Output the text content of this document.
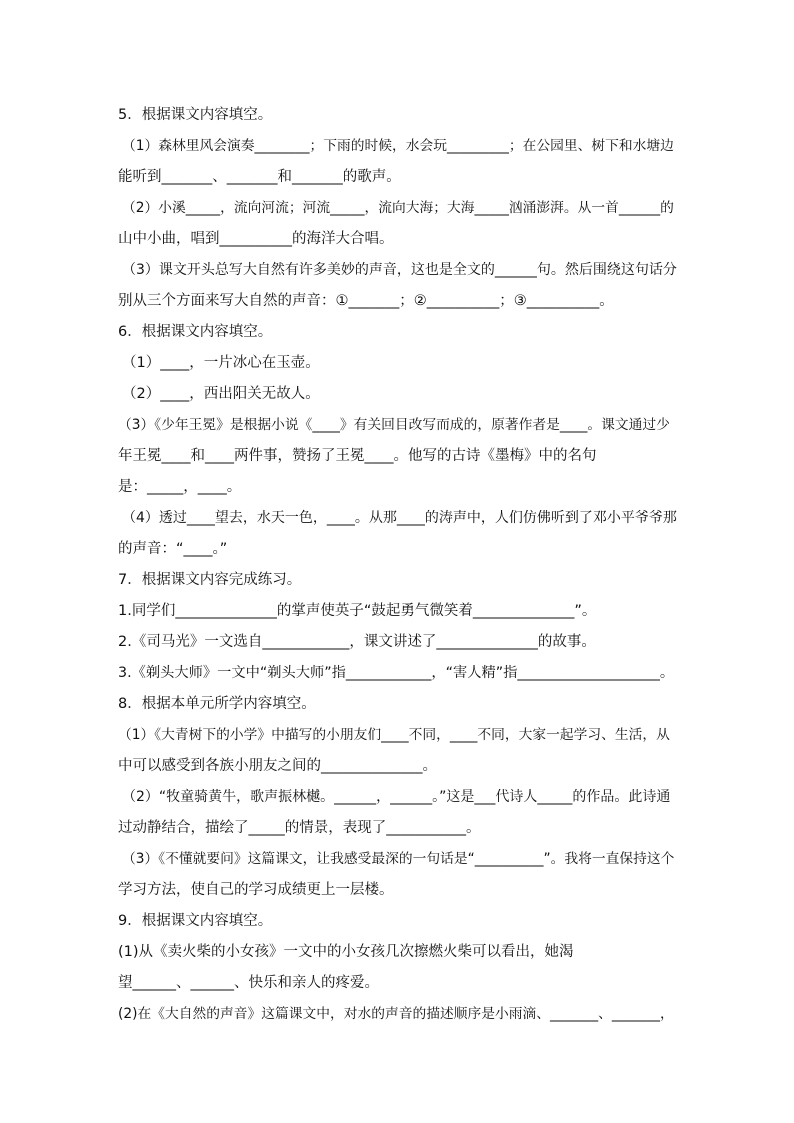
5．根据课文内容填空。
（1）森林里风会演奏________；下雨的时候，水会玩_________；在公园里、树下和水塘边
能听到_______、_______和_______的歌声。
（2）小溪_____，流向河流；河流_____，流向大海；大海_____汹涌澎湃。从一首______的
山中小曲，唱到__________的海洋大合唱。
（3）课文开头总写大自然有许多美妙的声音，这也是全文的______句。然后围绕这句话分
别从三个方面来写大自然的声音：①_______；②__________；③__________。
6．根据课文内容填空。
（1）____，一片冰心在玉壶。
（2）____，西出阳关无故人。
（3）《少年王冕》是根据小说《____》有关回目改写而成的，原著作者是____。课文通过少
年王冕____和____两件事，赞扬了王冕____。他写的古诗《墨梅》中的名句
是：_____，____。
（4）透过____望去，水天一色，____。从那____的涛声中，人们仿佛听到了邓小平爷爷那
的声音：“____。”
7．根据课文内容完成练习。
1.同学们______________的掌声使英子“鼓起勇气微笑着______________”。
2.《司马光》一文选自____________，课文讲述了______________的故事。
3.《剃头大师》一文中“剃头大师”指____________，“害人精”指____________________。
8．根据本单元所学内容填空。
（1）《大青树下的小学》中描写的小朋友们____不同，____不同，大家一起学习、生活，从
中可以感受到各族小朋友之间的______________。
（2）“牧童骑黄牛，歌声振林樾。______，______。”这是___代诗人_____的作品。此诗通
过动静结合，描绘了_____的情景，表现了___________。
（3）《不懂就要问》这篇课文，让我感受最深的一句话是“__________”。我将一直保持这个
学习方法，使自己的学习成绩更上一层楼。
9．根据课文内容填空。
(1)从《卖火柴的小女孩》一文中的小女孩几次擦燃火柴可以看出，她渴
望______、______、快乐和亲人的疼爱。
(2)在《大自然的声音》这篇课文中，对水的声音的描述顺序是小雨滴、_______、_______，
